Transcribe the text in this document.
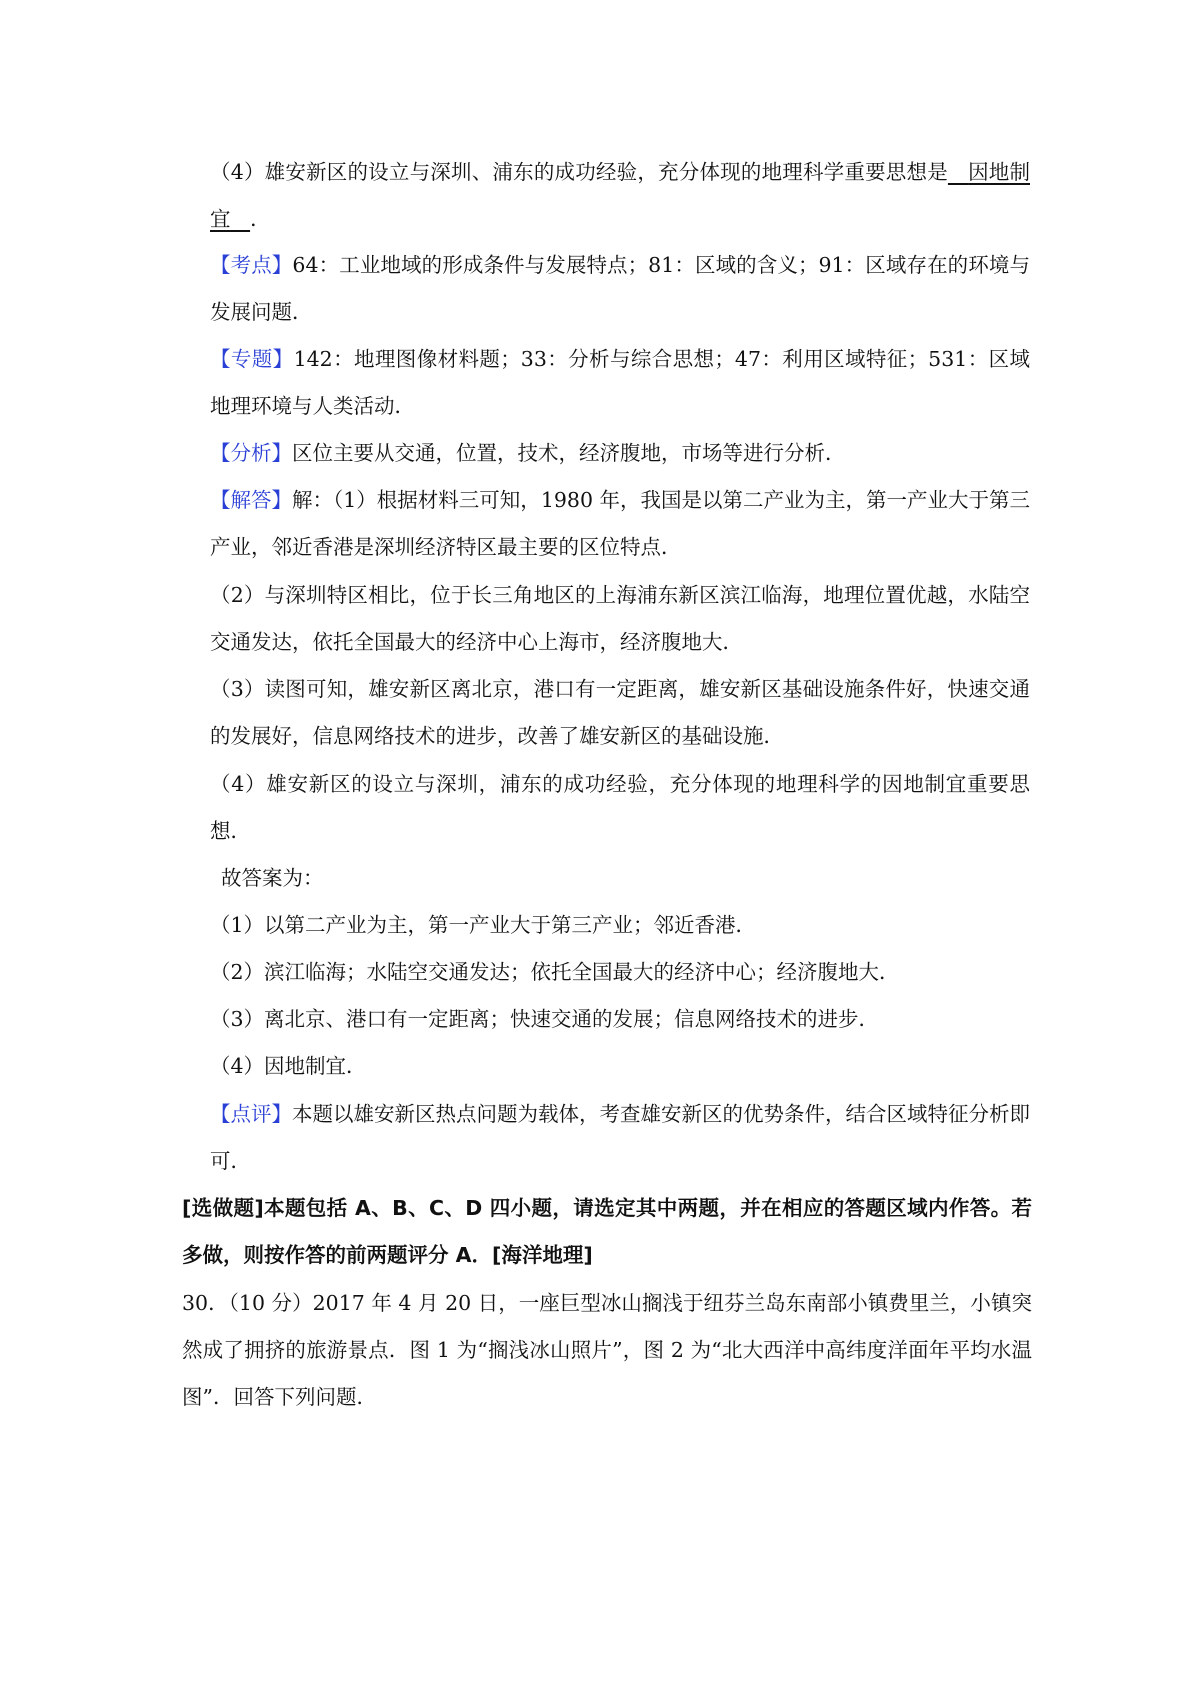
（4）雄安新区的设立与深圳、浦东的成功经验，充分体现的地理科学重要思想是 因地制宜 ．

【考点】64：工业地域的形成条件与发展特点；81：区域的含义；91：区域存在的环境与发展问题．

【专题】142：地理图像材料题；33：分析与综合思想；47：利用区域特征；531：区域地理环境与人类活动．

【分析】区位主要从交通，位置，技术，经济腹地，市场等进行分析．

【解答】解：（1）根据材料三可知，1980 年，我国是以第二产业为主，第一产业大于第三产业，邻近香港是深圳经济特区最主要的区位特点．

（2）与深圳特区相比，位于长三角地区的上海浦东新区滨江临海，地理位置优越，水陆空交通发达，依托全国最大的经济中心上海市，经济腹地大．

（3）读图可知，雄安新区离北京，港口有一定距离，雄安新区基础设施条件好，快速交通的发展好，信息网络技术的进步，改善了雄安新区的基础设施．

（4）雄安新区的设立与深圳，浦东的成功经验，充分体现的地理科学的因地制宜重要思想．

故答案为：

（1）以第二产业为主，第一产业大于第三产业；邻近香港．

（2）滨江临海；水陆空交通发达；依托全国最大的经济中心；经济腹地大．

（3）离北京、港口有一定距离；快速交通的发展；信息网络技术的进步．

（4）因地制宜．

【点评】本题以雄安新区热点问题为载体，考查雄安新区的优势条件，结合区域特征分析即可．

[选做题]本题包括 A、B、C、D 四小题，请选定其中两题，并在相应的答题区域内作答。若多做，则按作答的前两题评分 A．[海洋地理]

30．（10 分）2017 年 4 月 20 日，一座巨型冰山搁浅于纽芬兰岛东南部小镇费里兰，小镇突然成了拥挤的旅游景点．图 1 为“搁浅冰山照片”，图 2 为“北大西洋中高纬度洋面年平均水温图”．回答下列问题．
